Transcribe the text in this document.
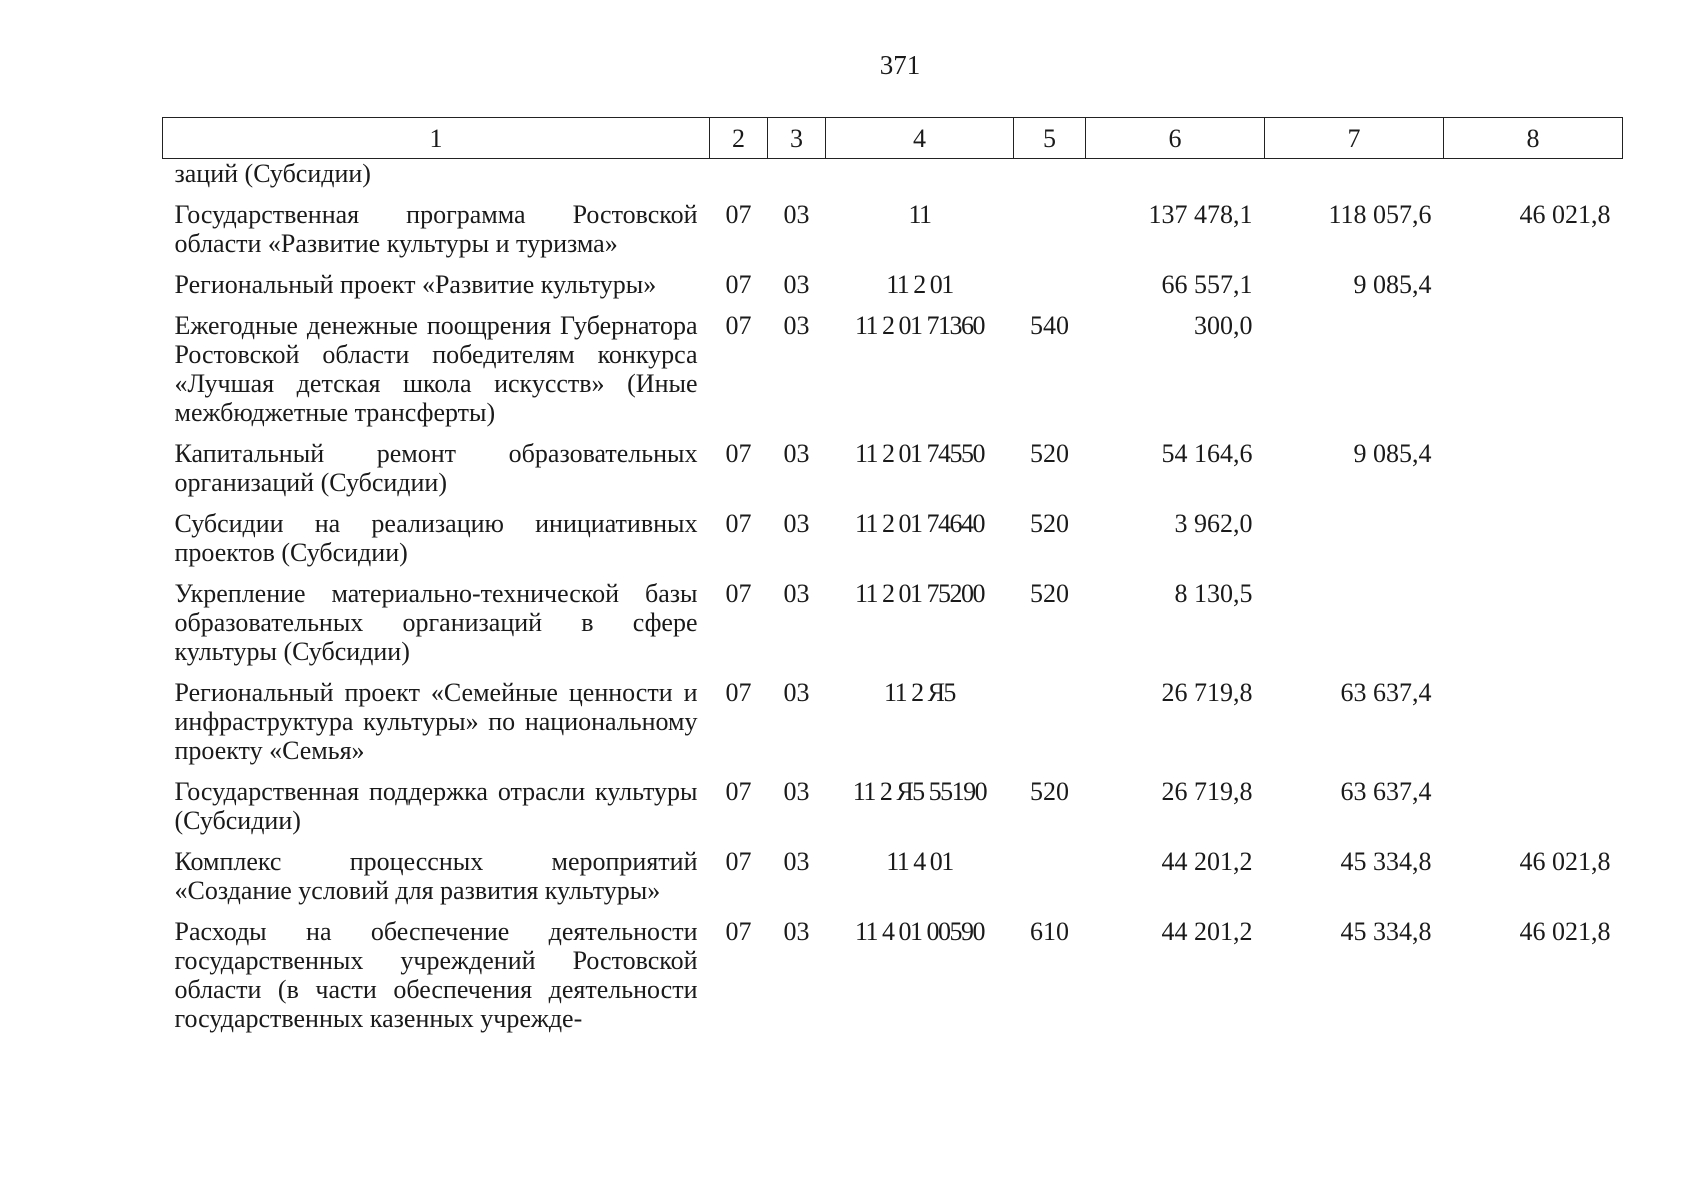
371
1	2	3	4	5	6	7	8
заций (Субсидии)							
Государственная программа Ростовской области «Развитие культуры и туризма»	07	03	11		137 478,1	118 057,6	46 021,8
Региональный проект «Развитие культуры»	07	03	11 2 01		66 557,1	9 085,4	
Ежегодные денежные поощрения Губернатора Ростовской области победителям конкурса «Лучшая детская школа искусств» (Иные межбюджетные трансферты)	07	03	11 2 01 71360	540	300,0		
Капитальный ремонт образовательных организаций (Субсидии)	07	03	11 2 01 74550	520	54 164,6	9 085,4	
Субсидии на реализацию инициативных проектов (Субсидии)	07	03	11 2 01 74640	520	3 962,0		
Укрепление материально-технической базы образовательных организаций в сфере культуры (Субсидии)	07	03	11 2 01 75200	520	8 130,5		
Региональный проект «Семейные ценности и инфраструктура культуры» по национальному проекту «Семья»	07	03	11 2 Я5		26 719,8	63 637,4	
Государственная поддержка отрасли культуры (Субсидии)	07	03	11 2 Я5 55190	520	26 719,8	63 637,4	
Комплекс процессных мероприятий «Создание условий для развития культуры»	07	03	11 4 01		44 201,2	45 334,8	46 021,8
Расходы на обеспечение деятельности государственных учреждений Ростовской области (в части обеспечения деятельности государственных казенных учрежде-	07	03	11 4 01 00590	610	44 201,2	45 334,8	46 021,8
